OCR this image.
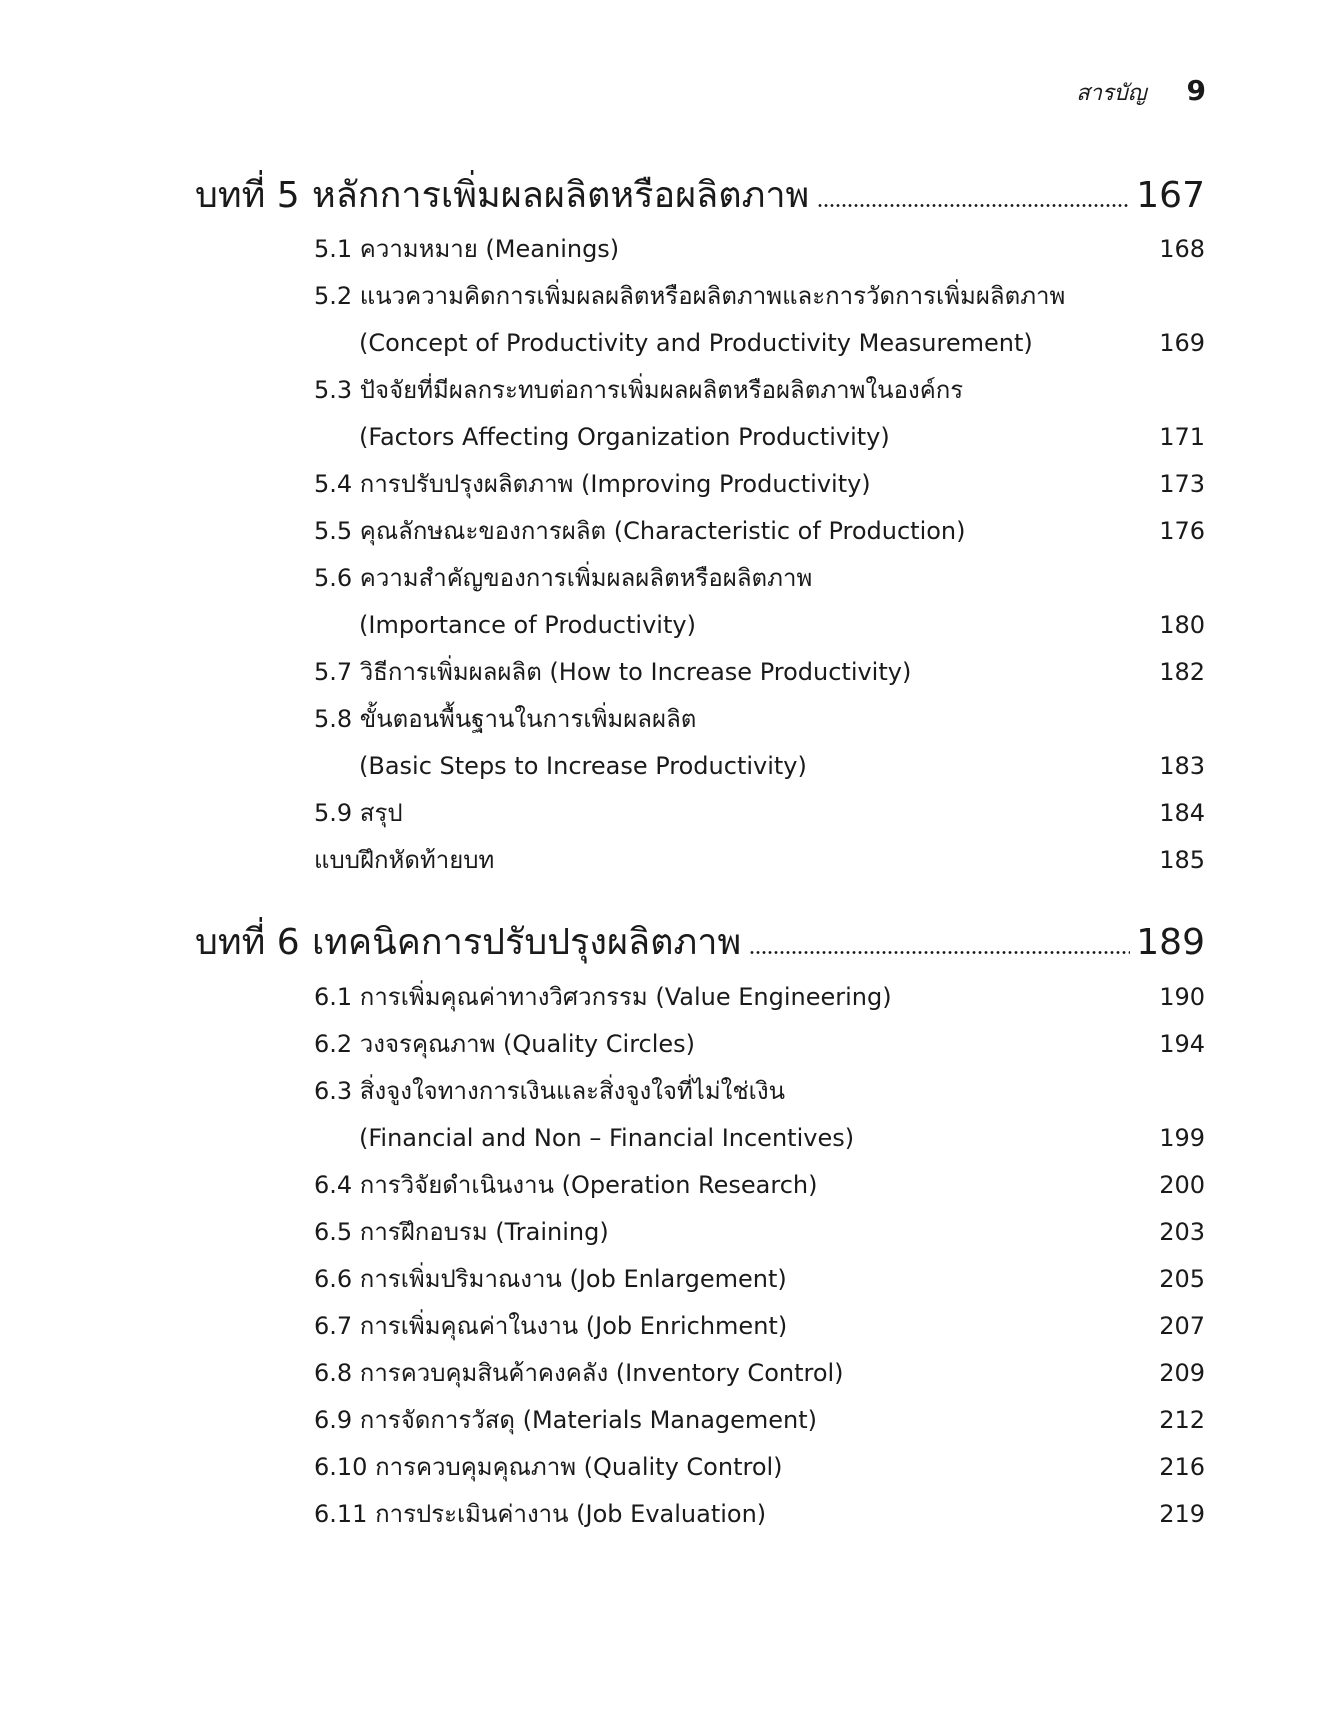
สารบัญ 9
บทที่ 5 หลักการเพิ่มผลผลิตหรือผลิตภาพ	167
5.1 ความหมาย (Meanings)	168
5.2 แนวความคิดการเพิ่มผลผลิตหรือผลิตภาพและการวัดการเพิ่มผลิตภาพ
(Concept of Productivity and Productivity Measurement)	169
5.3 ปัจจัยที่มีผลกระทบต่อการเพิ่มผลผลิตหรือผลิตภาพในองค์กร
(Factors Affecting Organization Productivity)	171
5.4 การปรับปรุงผลิตภาพ (Improving Productivity)	173
5.5 คุณลักษณะของการผลิต (Characteristic of Production)	176
5.6 ความสำคัญของการเพิ่มผลผลิตหรือผลิตภาพ
(Importance of Productivity)	180
5.7 วิธีการเพิ่มผลผลิต (How to Increase Productivity)	182
5.8 ขั้นตอนพื้นฐานในการเพิ่มผลผลิต
(Basic Steps to Increase Productivity)	183
5.9 สรุป	184
แบบฝึกหัดท้ายบท	185
บทที่ 6 เทคนิคการปรับปรุงผลิตภาพ	189
6.1 การเพิ่มคุณค่าทางวิศวกรรม (Value Engineering)	190
6.2 วงจรคุณภาพ (Quality Circles)	194
6.3 สิ่งจูงใจทางการเงินและสิ่งจูงใจที่ไม่ใช่เงิน
(Financial and Non – Financial Incentives)	199
6.4 การวิจัยดำเนินงาน (Operation Research)	200
6.5 การฝึกอบรม (Training)	203
6.6 การเพิ่มปริมาณงาน (Job Enlargement)	205
6.7 การเพิ่มคุณค่าในงาน (Job Enrichment)	207
6.8 การควบคุมสินค้าคงคลัง (Inventory Control)	209
6.9 การจัดการวัสดุ (Materials Management)	212
6.10 การควบคุมคุณภาพ (Quality Control)	216
6.11 การประเมินค่างาน (Job Evaluation)	219
